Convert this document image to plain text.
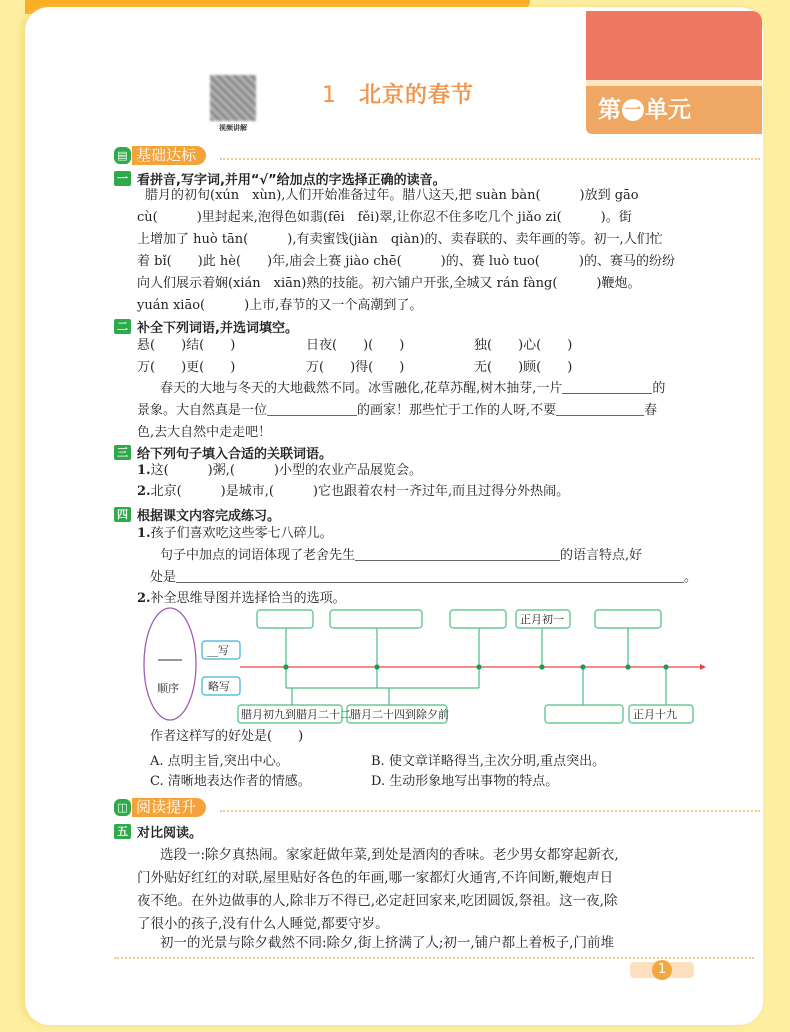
第 一 单元
视频讲解
1 北京的春节
▤ 基础达标
一 看拼音,写字词,并用“√”给加点的字选择正确的读音。
腊月的初旬(xún　xùn),人们开始准备过年。腊八这天,把 suàn bàn(　　　)放到 gāo
cù(　　　)里封起来,泡得色如翡(fēi　fěi)翠,让你忍不住多吃几个 jiǎo zi(　　　)。街
上增加了 huò tān(　　　),有卖蜜饯(jiàn　qiàn)的、卖春联的、卖年画的等。初一,人们忙
着 bǐ(　　)此 hè(　　)年,庙会上赛 jiào chē(　　　)的、赛 luò tuo(　　　)的、赛马的纷纷
向人们展示着娴(xián　xiān)熟的技能。初六铺户开张,全城又 rán fàng(　　　)鞭炮。
yuán xiāo(　　　)上市,春节的又一个高潮到了。
二 补全下列词语,并选词填空。
悬(　　)结(　　)	日夜(　　)(　　)	独(　　)心(　　)
万(　　)更(　　)	万(　　)得(　　)	无(　　)顾(　　)
春天的大地与冬天的大地截然不同。冰雪融化,花草苏醒,树木抽芽,一片	的
景象。大自然真是一位	的画家！那些忙于工作的人呀,不要	春
色,去大自然中走走吧！
三 给下列句子填入合适的关联词语。
1.这(　　　)粥,(　　　)小型的农业产品展览会。
2.北京(　　　)是城市,(　　　)它也跟着农村一齐过年,而且过得分外热闹。
四 根据课文内容完成练习。
1.孩子们喜欢吃这些零七八碎儿。
句子中加点的词语体现了老舍先生	的语言特点,好
处是	。
2.补全思维导图并选择恰当的选项。
顺序
__写
略写
正月初一
腊月初九到腊月二十二 腊月二十四到除夕前	正月十九
作者这样写的好处是(　　)
A. 点明主旨,突出中心。	B. 使文章详略得当,主次分明,重点突出。
C. 清晰地表达作者的情感。	D. 生动形象地写出事物的特点。
◫ 阅读提升
五 对比阅读。
选段一:除夕真热闹。家家赶做年菜,到处是酒肉的香味。老少男女都穿起新衣,
门外贴好红红的对联,屋里贴好各色的年画,哪一家都灯火通宵,不许间断,鞭炮声日
夜不绝。在外边做事的人,除非万不得已,必定赶回家来,吃团圆饭,祭祖。这一夜,除
了很小的孩子,没有什么人睡觉,都要守岁。
初一的光景与除夕截然不同:除夕,街上挤满了人;初一,铺户都上着板子,门前堆
1
